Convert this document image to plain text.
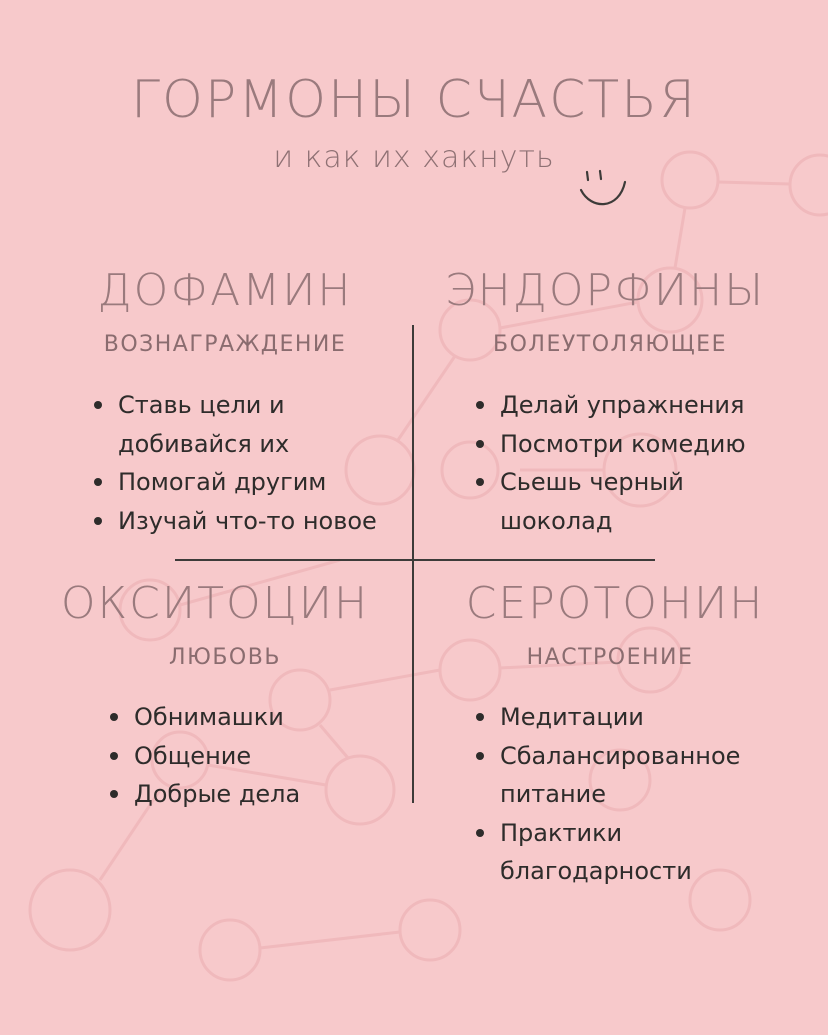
ГОРМОНЫ СЧАСТЬЯ
и как их хакнуть
ДОФАМИН
ВОЗНАГРАЖДЕНИЕ
Ставь цели и добивайся их
Помогай другим
Изучай что-то новое
ЭНДОРФИНЫ
БОЛЕУТОЛЯЮЩЕЕ
Делай упражнения
Посмотри комедию
Сьешь черный шоколад
ОКСИТОЦИН
ЛЮБОВЬ
Обнимашки
Общение
Добрые дела
СЕРОТОНИН
НАСТРОЕНИЕ
Медитации
Сбалансированное питание
Практики благодарности
